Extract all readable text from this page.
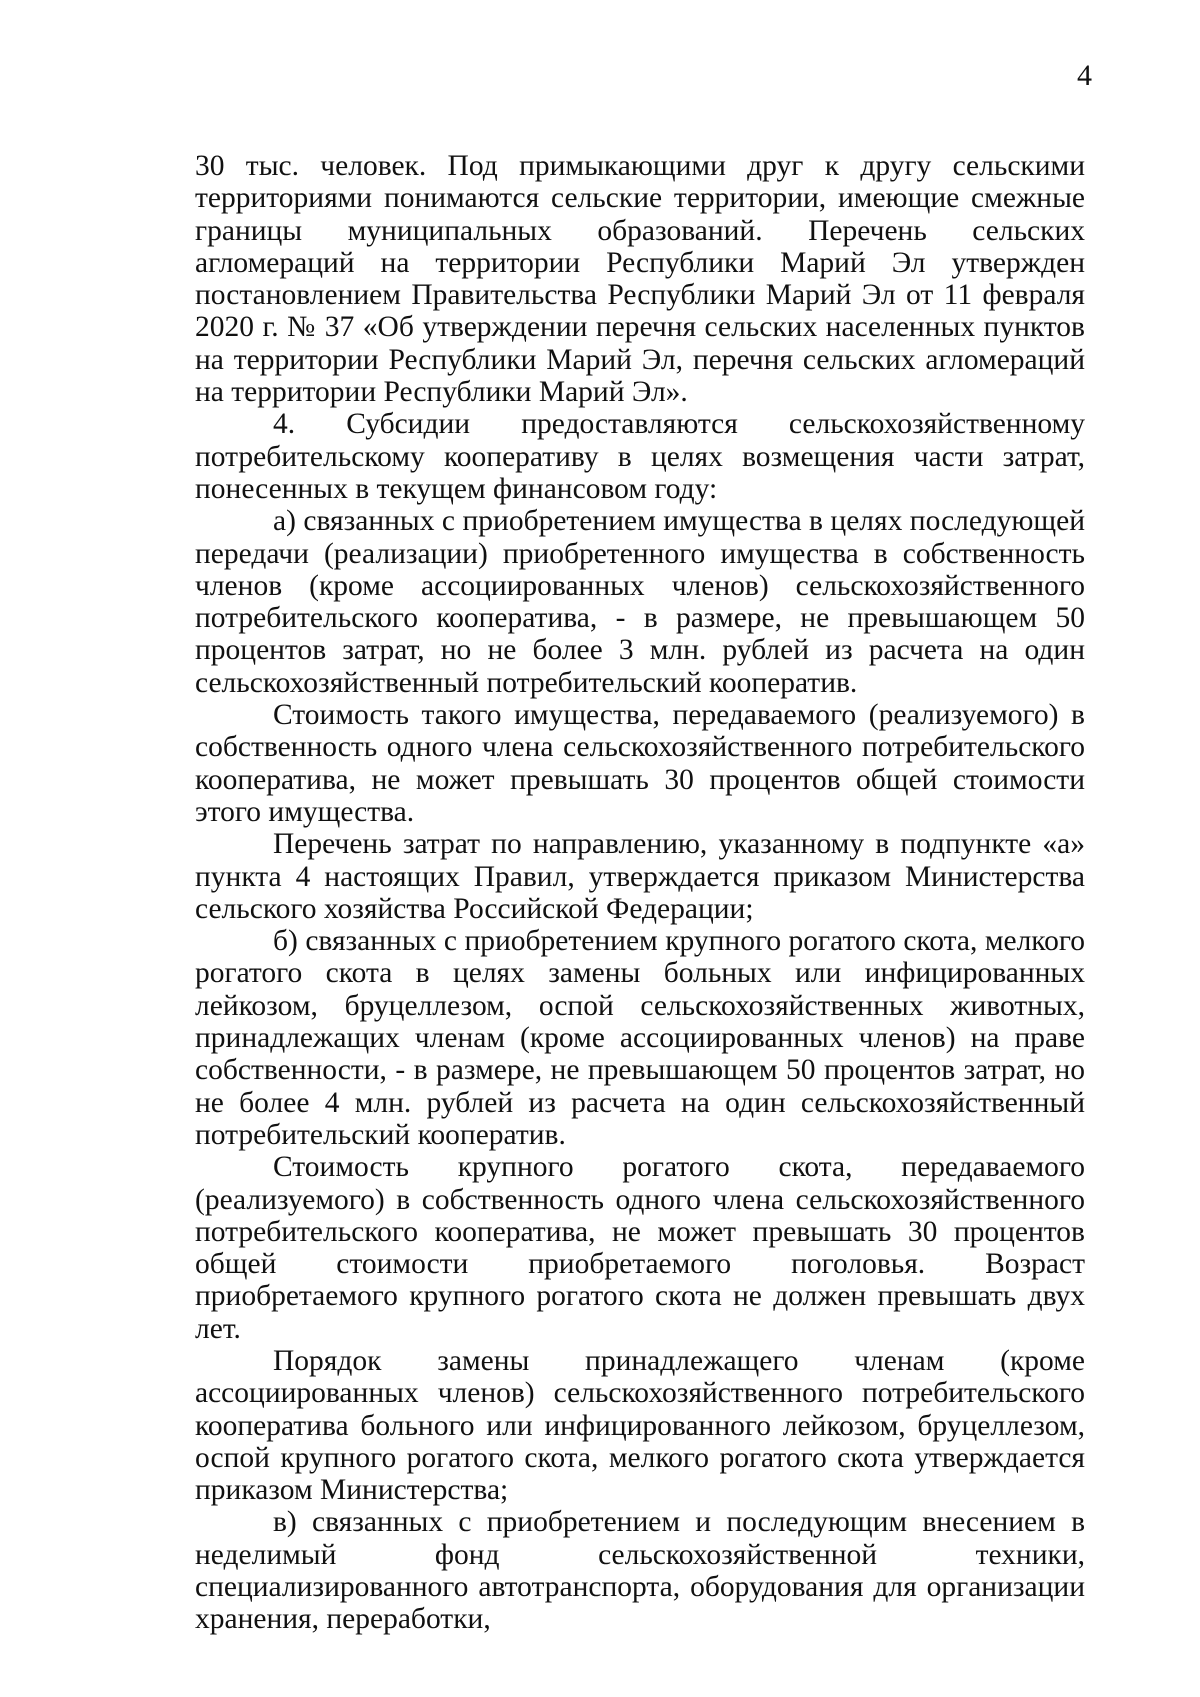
4

30 тыс. человек. Под примыкающими друг к другу сельскими территориями понимаются сельские территории, имеющие смежные границы муниципальных образований. Перечень сельских агломераций на территории Республики Марий Эл утвержден постановлением Правительства Республики Марий Эл от 11 февраля 2020 г. № 37 «Об утверждении перечня сельских населенных пунктов на территории Республики Марий Эл, перечня сельских агломераций на территории Республики Марий Эл».

4. Субсидии предоставляются сельскохозяйственному потребительскому кооперативу в целях возмещения части затрат, понесенных в текущем финансовом году:

а) связанных с приобретением имущества в целях последующей передачи (реализации) приобретенного имущества в собственность членов (кроме ассоциированных членов) сельскохозяйственного потребительского кооператива, - в размере, не превышающем 50 процентов затрат, но не более 3 млн. рублей из расчета на один сельскохозяйственный потребительский кооператив.

Стоимость такого имущества, передаваемого (реализуемого) в собственность одного члена сельскохозяйственного потребительского кооператива, не может превышать 30 процентов общей стоимости этого имущества.

Перечень затрат по направлению, указанному в подпункте «а» пункта 4 настоящих Правил, утверждается приказом Министерства сельского хозяйства Российской Федерации;

б) связанных с приобретением крупного рогатого скота, мелкого рогатого скота в целях замены больных или инфицированных лейкозом, бруцеллезом, оспой сельскохозяйственных животных, принадлежащих членам (кроме ассоциированных членов) на праве собственности, - в размере, не превышающем 50 процентов затрат, но не более 4 млн. рублей из расчета на один сельскохозяйственный потребительский кооператив.

Стоимость крупного рогатого скота, передаваемого (реализуемого) в собственность одного члена сельскохозяйственного потребительского кооператива, не может превышать 30 процентов общей стоимости приобретаемого поголовья. Возраст приобретаемого крупного рогатого скота не должен превышать двух лет.

Порядок замены принадлежащего членам (кроме ассоциированных членов) сельскохозяйственного потребительского кооператива больного или инфицированного лейкозом, бруцеллезом, оспой крупного рогатого скота, мелкого рогатого скота утверждается приказом Министерства;

в) связанных с приобретением и последующим внесением в неделимый фонд сельскохозяйственной техники, специализированного автотранспорта, оборудования для организации хранения, переработки,
